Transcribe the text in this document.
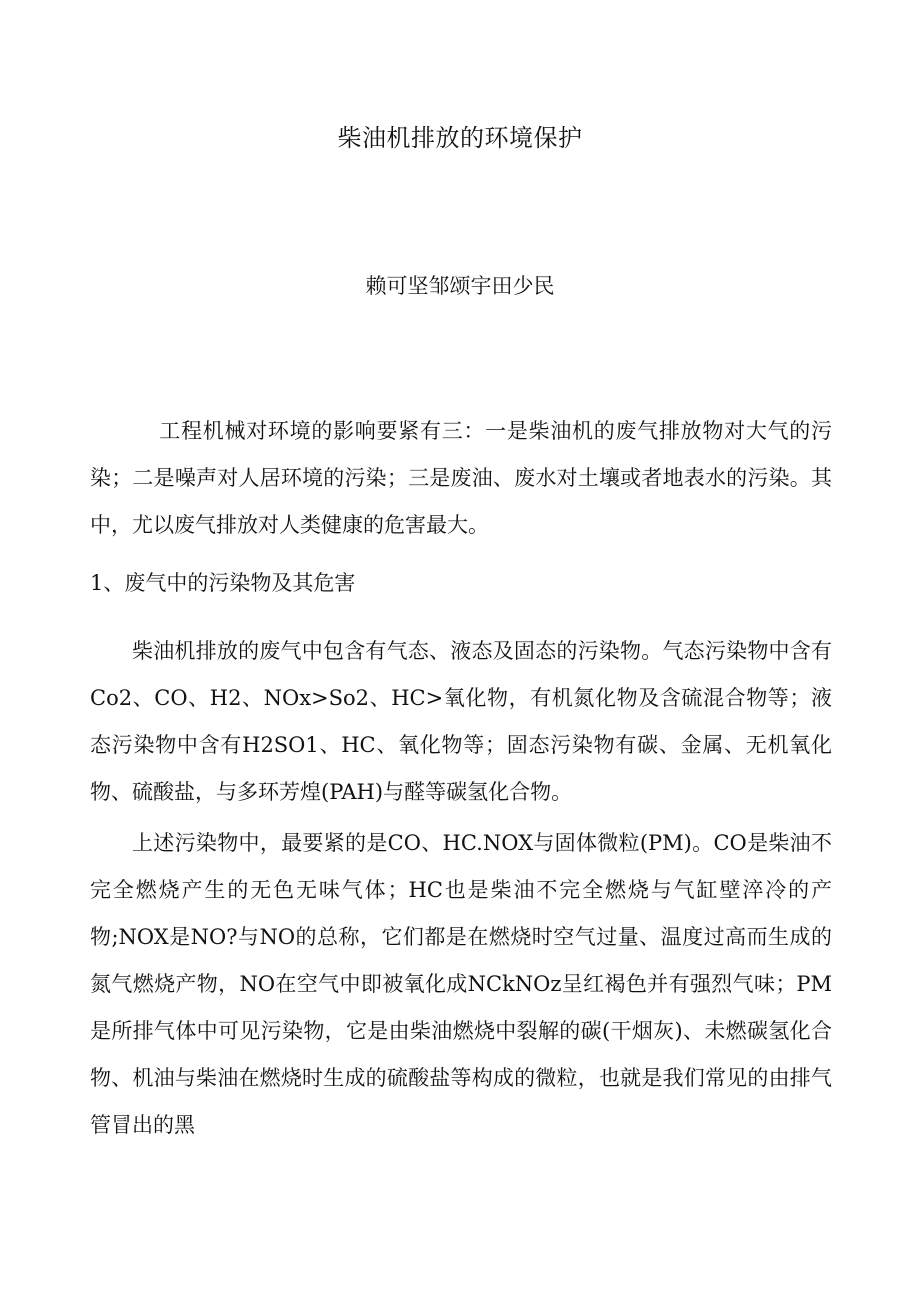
柴油机排放的环境保护
赖可坚邹颂宇田少民

工程机械对环境的影响要紧有三：一是柴油机的废气排放物对大气的污染；二是噪声对人居环境的污染；三是废油、废水对土壤或者地表水的污染。其中，尤以废气排放对人类健康的危害最大。

1、废气中的污染物及其危害

柴油机排放的废气中包含有气态、液态及固态的污染物。气态污染物中含有Co2、CO、H2、NOx>So2、HC>氧化物，有机氮化物及含硫混合物等；液态污染物中含有H2SO1、HC、氧化物等；固态污染物有碳、金属、无机氧化物、硫酸盐，与多环芳煌(PAH)与醛等碳氢化合物。

上述污染物中，最要紧的是CO、HC.NOX与固体微粒(PM)。CO是柴油不完全燃烧产生的无色无味气体；HC也是柴油不完全燃烧与气缸壁淬冷的产物;NOX是NO?与NO的总称，它们都是在燃烧时空气过量、温度过高而生成的氮气燃烧产物，NO在空气中即被氧化成NCkNOz呈红褐色并有强烈气味；PM是所排气体中可见污染物，它是由柴油燃烧中裂解的碳(干烟灰)、未燃碳氢化合物、机油与柴油在燃烧时生成的硫酸盐等构成的微粒，也就是我们常见的由排气管冒出的黑
